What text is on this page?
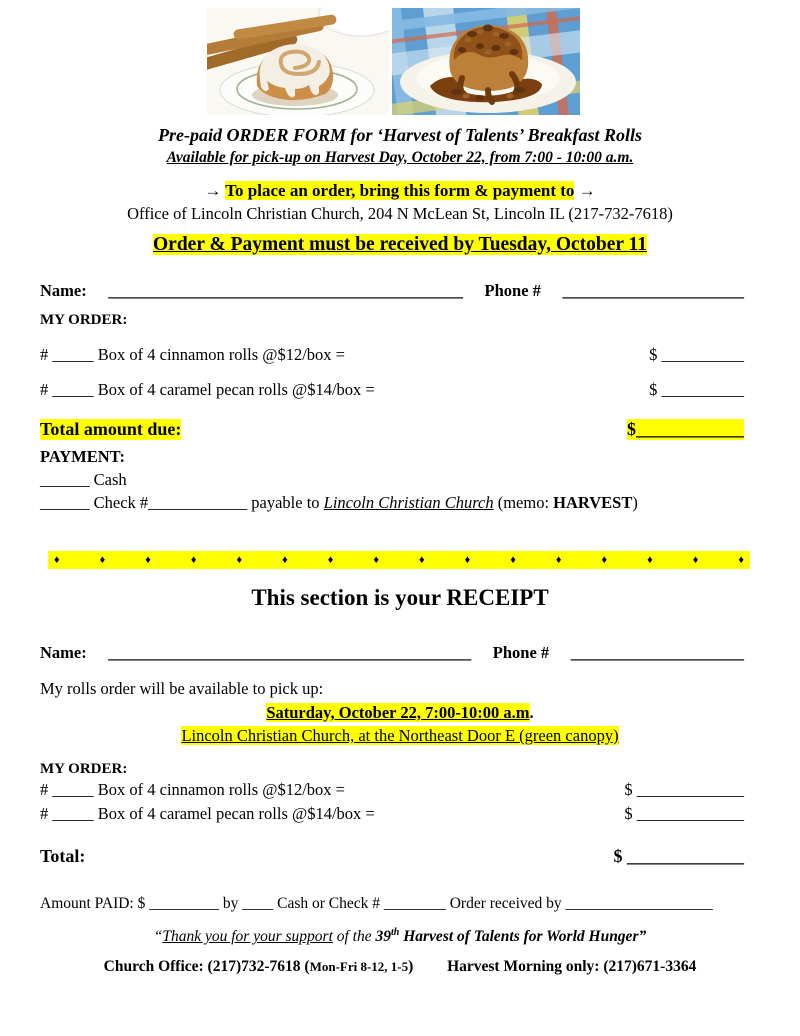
Pre-paid ORDER FORM for ‘Harvest of Talents’ Breakfast Rolls
Available for pick-up on Harvest Day, October 22, from 7:00 - 10:00 a.m.
→ To place an order, bring this form & payment to →
Office of Lincoln Christian Church, 204 N McLean St, Lincoln IL (217-732-7618)
Order & Payment must be received by Tuesday, October 11
Name: ___________________________________________ Phone # ______________________
MY ORDER:
# _____ Box of 4 cinnamon rolls @$12/box =	$ __________
# _____ Box of 4 caramel pecan rolls @$14/box =	$ __________
Total amount due:	$____________
PAYMENT:
______ Cash
______ Check #____________ payable to Lincoln Christian Church (memo: HARVEST)
♦	♦	♦	♦	♦	♦	♦	♦	♦	♦	♦	♦	♦	♦	♦	♦
This section is your RECEIPT
Name: ____________________________________________ Phone # _____________________
My rolls order will be available to pick up:
Saturday, October 22, 7:00-10:00 a.m.
Lincoln Christian Church, at the Northeast Door E (green canopy)
MY ORDER:
# _____ Box of 4 cinnamon rolls @$12/box =	$ _____________
# _____ Box of 4 caramel pecan rolls @$14/box =	$ _____________
Total:	$ _____________
Amount PAID: $ _________ by ____ Cash or Check # ________ Order received by ___________________
“Thank you for your support of the 39th Harvest of Talents for World Hunger”
Church Office: (217)732-7618 (Mon-Fri 8-12, 1-5) Harvest Morning only: (217)671-3364
